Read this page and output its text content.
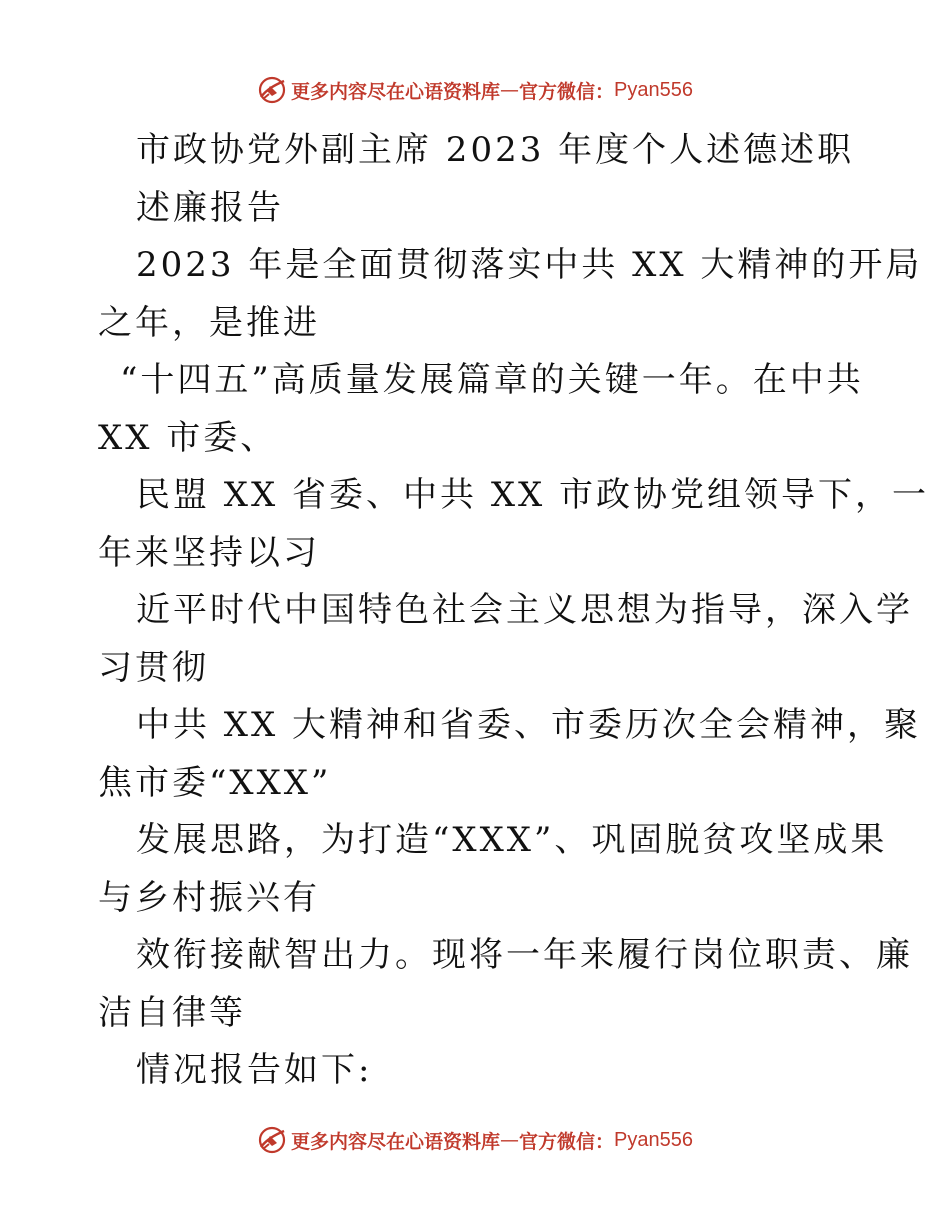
更多内容尽在心语资料库 — 官方微信： Pyan556
市政协党外副主席 2023 年度个人述德述职
述廉报告
2023 年是全面贯彻落实中共 XX 大精神的开局
之年，是推进
“十四五”高质量发展篇章的关键一年。在中共
XX 市委、
民盟 XX 省委、中共 XX 市政协党组领导下，一
年来坚持以习
近平时代中国特色社会主义思想为指导，深入学
习贯彻
中共 XX 大精神和省委、市委历次全会精神，聚
焦市委“XXX”
发展思路，为打造“XXX”、巩固脱贫攻坚成果
与乡村振兴有
效衔接献智出力。现将一年来履行岗位职责、廉
洁自律等
情况报告如下:
更多内容尽在心语资料库 — 官方微信： Pyan556
